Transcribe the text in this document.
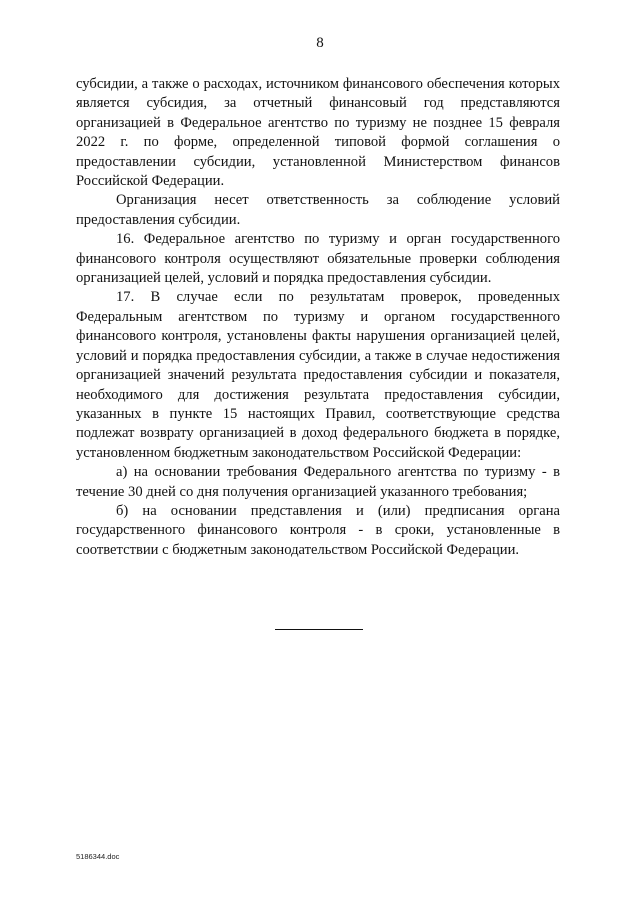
8

субсидии, а также о расходах, источником финансового обеспечения которых является субсидия, за отчетный финансовый год представляются организацией в Федеральное агентство по туризму не позднее 15 февраля 2022 г. по форме, определенной типовой формой соглашения о предоставлении субсидии, установленной Министерством финансов Российской Федерации.

Организация несет ответственность за соблюдение условий предоставления субсидии.

16. Федеральное агентство по туризму и орган государственного финансового контроля осуществляют обязательные проверки соблюдения организацией целей, условий и порядка предоставления субсидии.

17. В случае если по результатам проверок, проведенных Федеральным агентством по туризму и органом государственного финансового контроля, установлены факты нарушения организацией целей, условий и порядка предоставления субсидии, а также в случае недостижения организацией значений результата предоставления субсидии и показателя, необходимого для достижения результата предоставления субсидии, указанных в пункте 15 настоящих Правил, соответствующие средства подлежат возврату организацией в доход федерального бюджета в порядке, установленном бюджетным законодательством Российской Федерации:

а) на основании требования Федерального агентства по туризму - в течение 30 дней со дня получения организацией указанного требования;

б) на основании представления и (или) предписания органа государственного финансового контроля - в сроки, установленные в соответствии с бюджетным законодательством Российской Федерации.

5186344.doc
